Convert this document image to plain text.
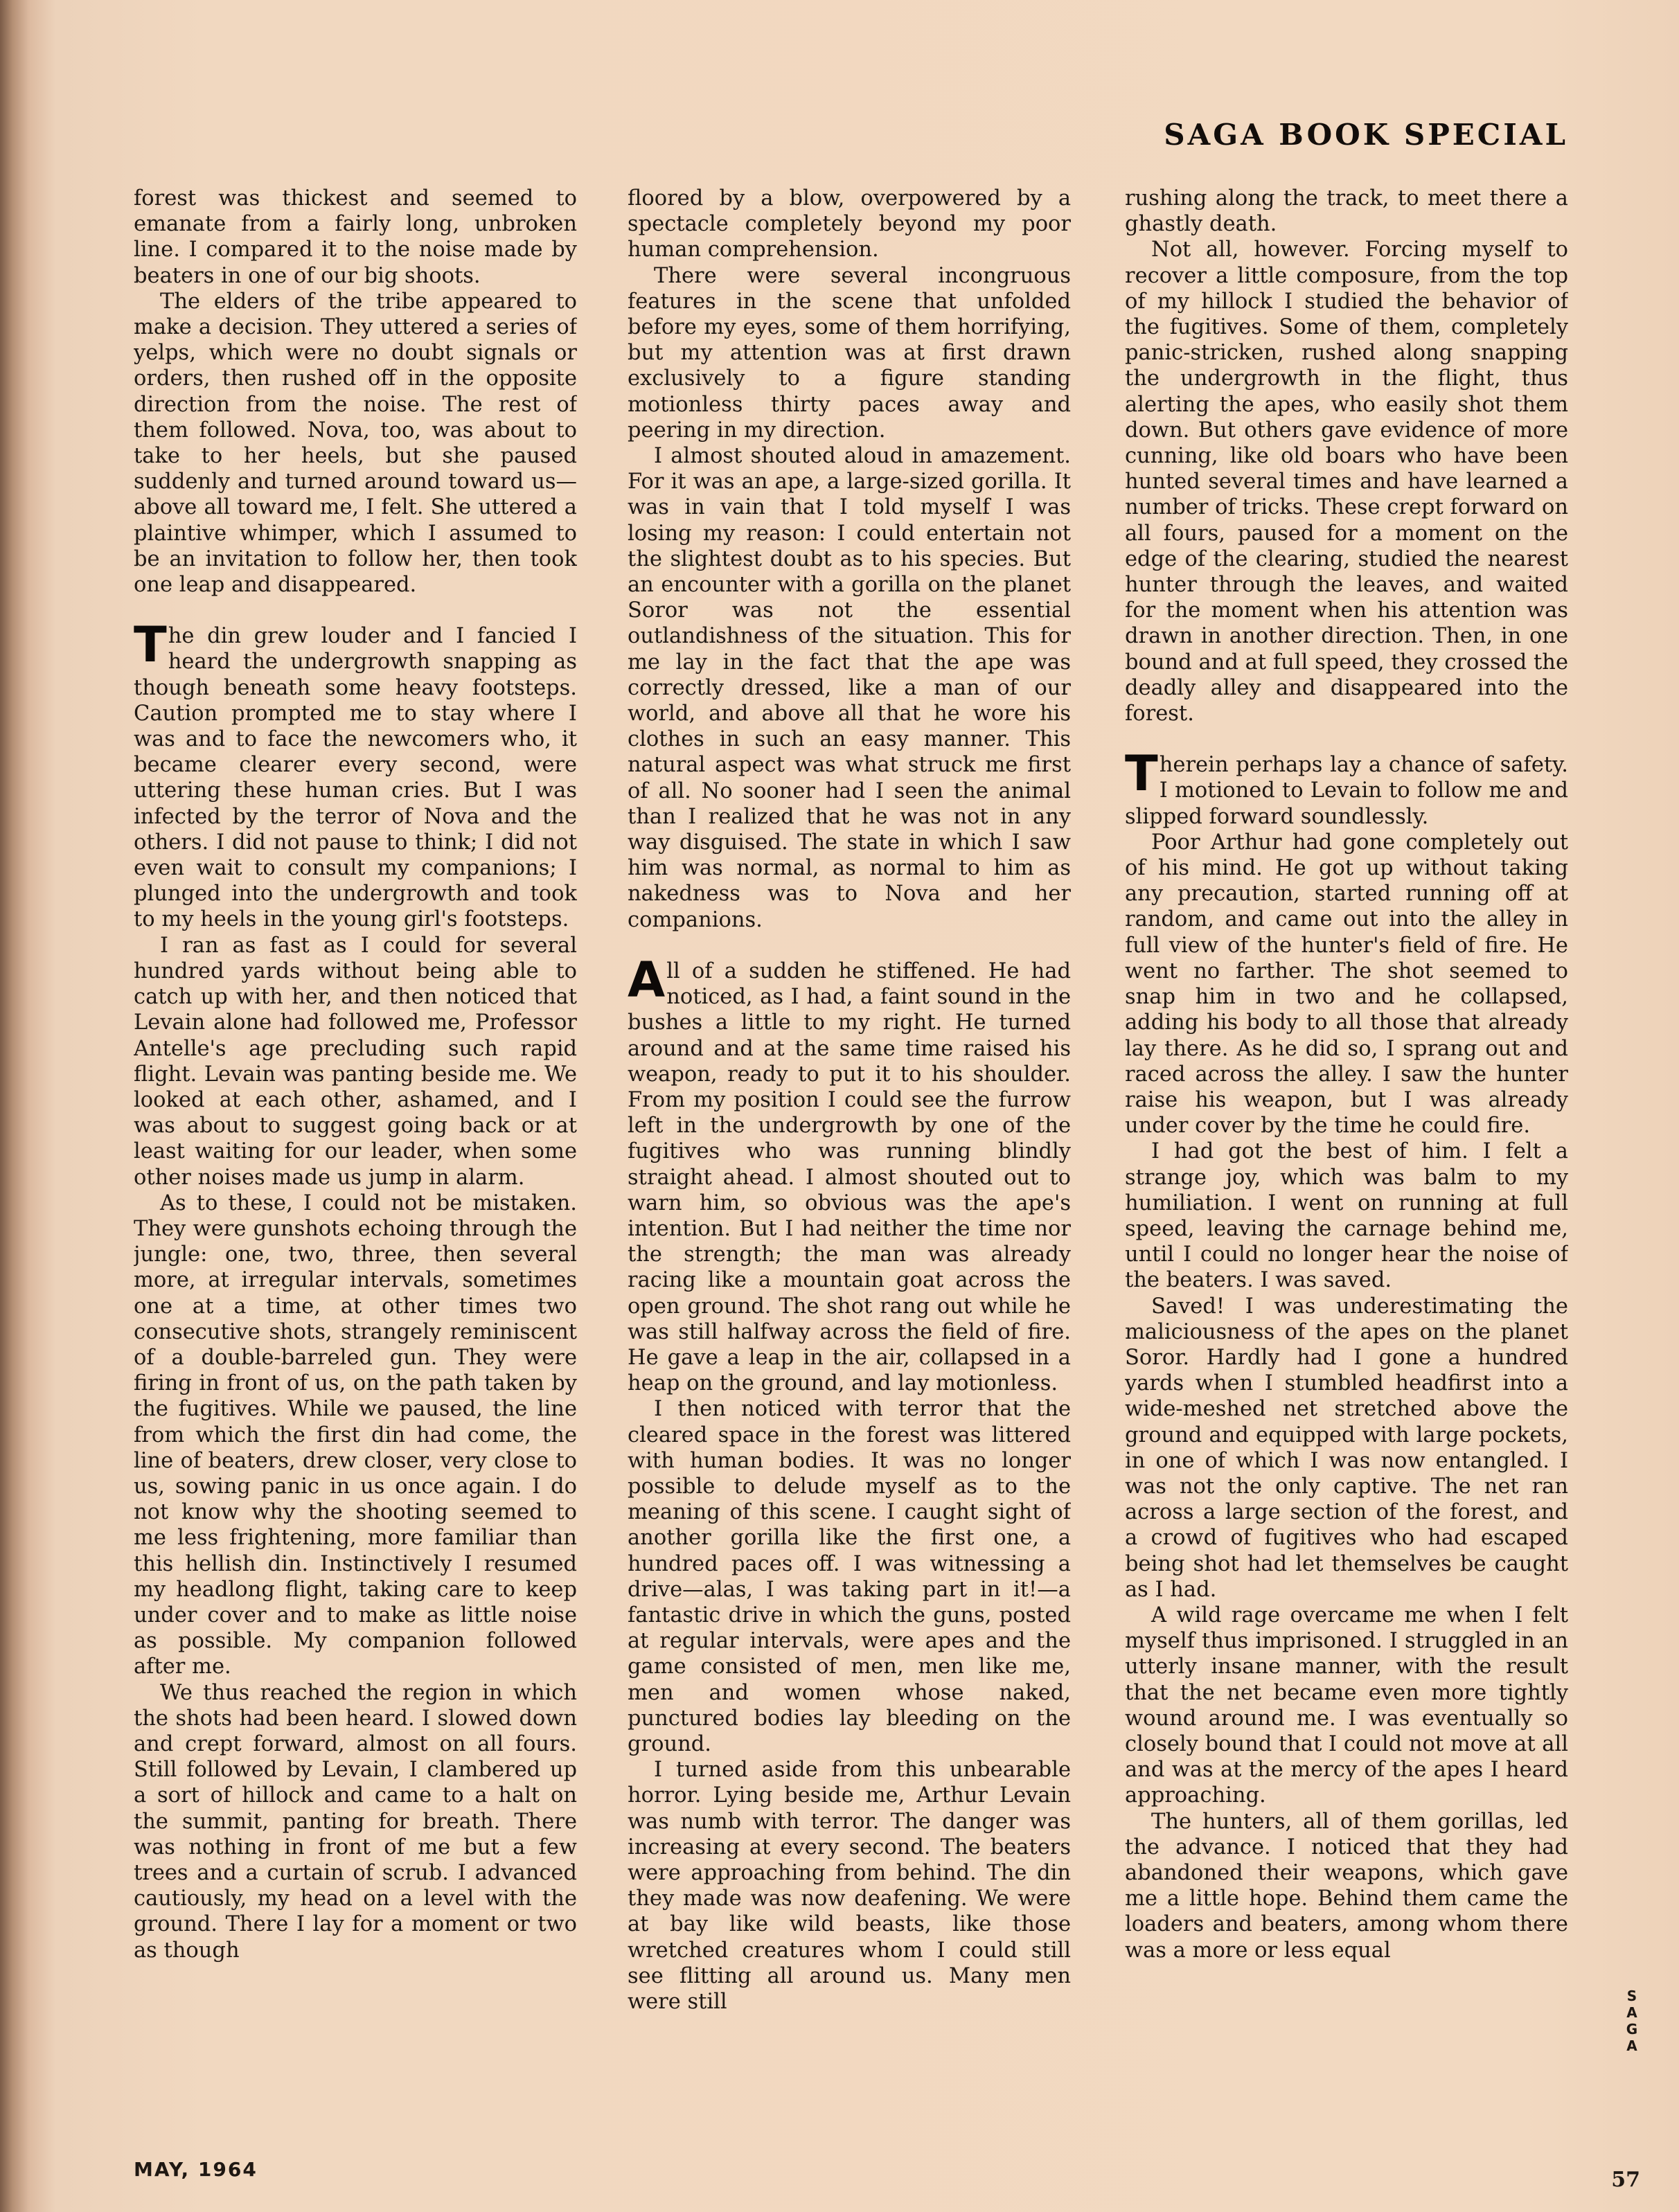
SAGA BOOK SPECIAL

forest was thickest and seemed to emanate from a fairly long, unbroken line. I compared it to the noise made by beaters in one of our big shoots.

The elders of the tribe appeared to make a decision. They uttered a series of yelps, which were no doubt signals or orders, then rushed off in the opposite direction from the noise. The rest of them followed. Nova, too, was about to take to her heels, but she paused suddenly and turned around toward us—above all toward me, I felt. She uttered a plaintive whimper, which I assumed to be an invitation to follow her, then took one leap and disappeared.

The din grew louder and I fancied I heard the undergrowth snapping as though beneath some heavy footsteps. Caution prompted me to stay where I was and to face the newcomers who, it became clearer every second, were uttering these human cries. But I was infected by the terror of Nova and the others. I did not pause to think; I did not even wait to consult my companions; I plunged into the undergrowth and took to my heels in the young girl's footsteps.

I ran as fast as I could for several hundred yards without being able to catch up with her, and then noticed that Levain alone had followed me, Professor Antelle's age precluding such rapid flight. Levain was panting beside me. We looked at each other, ashamed, and I was about to suggest going back or at least waiting for our leader, when some other noises made us jump in alarm.

As to these, I could not be mistaken. They were gunshots echoing through the jungle: one, two, three, then several more, at irregular intervals, sometimes one at a time, at other times two consecutive shots, strangely reminiscent of a double-barreled gun. They were firing in front of us, on the path taken by the fugitives. While we paused, the line from which the first din had come, the line of beaters, drew closer, very close to us, sowing panic in us once again. I do not know why the shooting seemed to me less frightening, more familiar than this hellish din. Instinctively I resumed my headlong flight, taking care to keep under cover and to make as little noise as possible. My companion followed after me.

We thus reached the region in which the shots had been heard. I slowed down and crept forward, almost on all fours. Still followed by Levain, I clambered up a sort of hillock and came to a halt on the summit, panting for breath. There was nothing in front of me but a few trees and a curtain of scrub. I advanced cautiously, my head on a level with the ground. There I lay for a moment or two as though

floored by a blow, overpowered by a spectacle completely beyond my poor human comprehension.

There were several incongruous features in the scene that unfolded before my eyes, some of them horrifying, but my attention was at first drawn exclusively to a figure standing motionless thirty paces away and peering in my direction.

I almost shouted aloud in amazement. For it was an ape, a large-sized gorilla. It was in vain that I told myself I was losing my reason: I could entertain not the slightest doubt as to his species. But an encounter with a gorilla on the planet Soror was not the essential outlandishness of the situation. This for me lay in the fact that the ape was correctly dressed, like a man of our world, and above all that he wore his clothes in such an easy manner. This natural aspect was what struck me first of all. No sooner had I seen the animal than I realized that he was not in any way disguised. The state in which I saw him was normal, as normal to him as nakedness was to Nova and her companions.

All of a sudden he stiffened. He had noticed, as I had, a faint sound in the bushes a little to my right. He turned around and at the same time raised his weapon, ready to put it to his shoulder. From my position I could see the furrow left in the undergrowth by one of the fugitives who was running blindly straight ahead. I almost shouted out to warn him, so obvious was the ape's intention. But I had neither the time nor the strength; the man was already racing like a mountain goat across the open ground. The shot rang out while he was still halfway across the field of fire. He gave a leap in the air, collapsed in a heap on the ground, and lay motionless.

I then noticed with terror that the cleared space in the forest was littered with human bodies. It was no longer possible to delude myself as to the meaning of this scene. I caught sight of another gorilla like the first one, a hundred paces off. I was witnessing a drive—alas, I was taking part in it!—a fantastic drive in which the guns, posted at regular intervals, were apes and the game consisted of men, men like me, men and women whose naked, punctured bodies lay bleeding on the ground.

I turned aside from this unbearable horror. Lying beside me, Arthur Levain was numb with terror. The danger was increasing at every second. The beaters were approaching from behind. The din they made was now deafening. We were at bay like wild beasts, like those wretched creatures whom I could still see flitting all around us. Many men were still

rushing along the track, to meet there a ghastly death.

Not all, however. Forcing myself to recover a little composure, from the top of my hillock I studied the behavior of the fugitives. Some of them, completely panic-stricken, rushed along snapping the undergrowth in the flight, thus alerting the apes, who easily shot them down. But others gave evidence of more cunning, like old boars who have been hunted several times and have learned a number of tricks. These crept forward on all fours, paused for a moment on the edge of the clearing, studied the nearest hunter through the leaves, and waited for the moment when his attention was drawn in another direction. Then, in one bound and at full speed, they crossed the deadly alley and disappeared into the forest.

Therein perhaps lay a chance of safety. I motioned to Levain to follow me and slipped forward soundlessly.

Poor Arthur had gone completely out of his mind. He got up without taking any precaution, started running off at random, and came out into the alley in full view of the hunter's field of fire. He went no farther. The shot seemed to snap him in two and he collapsed, adding his body to all those that already lay there. As he did so, I sprang out and raced across the alley. I saw the hunter raise his weapon, but I was already under cover by the time he could fire.

I had got the best of him. I felt a strange joy, which was balm to my humiliation. I went on running at full speed, leaving the carnage behind me, until I could no longer hear the noise of the beaters. I was saved.

Saved! I was underestimating the maliciousness of the apes on the planet Soror. Hardly had I gone a hundred yards when I stumbled headfirst into a wide-meshed net stretched above the ground and equipped with large pockets, in one of which I was now entangled. I was not the only captive. The net ran across a large section of the forest, and a crowd of fugitives who had escaped being shot had let themselves be caught as I had.

A wild rage overcame me when I felt myself thus imprisoned. I struggled in an utterly insane manner, with the result that the net became even more tightly wound around me. I was eventually so closely bound that I could not move at all and was at the mercy of the apes I heard approaching.

The hunters, all of them gorillas, led the advance. I noticed that they had abandoned their weapons, which gave me a little hope. Behind them came the loaders and beaters, among whom there was a more or less equal

S
A
G
A
MAY, 1964	57
